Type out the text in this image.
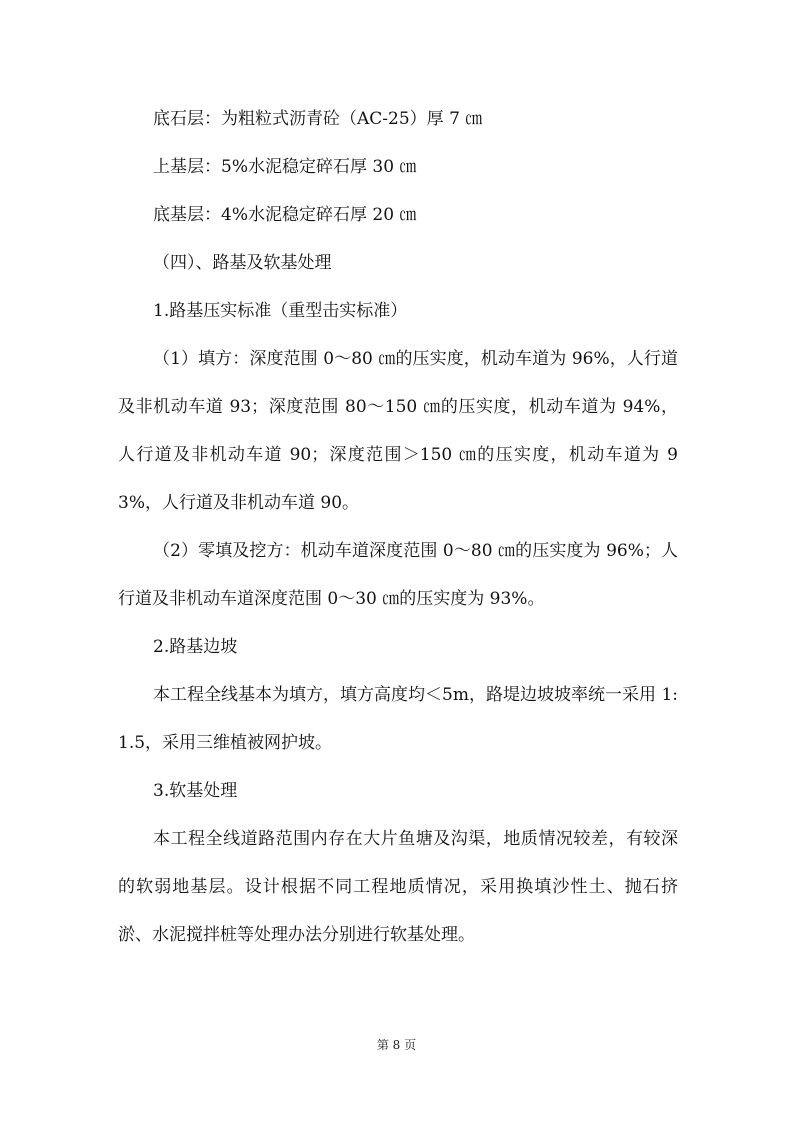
底石层：为粗粒式沥青砼（AC-25）厚 7 ㎝

上基层：5%水泥稳定碎石厚 30 ㎝

底基层：4%水泥稳定碎石厚 20 ㎝

（四）、路基及软基处理

1.路基压实标准（重型击实标准）

（1）填方：深度范围 0～80 ㎝的压实度，机动车道为 96%，人行道及非机动车道 93；深度范围 80～150 ㎝的压实度，机动车道为 94%，人行道及非机动车道 90；深度范围＞150 ㎝的压实度，机动车道为 93%，人行道及非机动车道 90。

（2）零填及挖方：机动车道深度范围 0～80 ㎝的压实度为 96%；人行道及非机动车道深度范围 0～30 ㎝的压实度为 93%。

2.路基边坡

本工程全线基本为填方，填方高度均＜5m，路堤边坡坡率统一采用 1:1.5，采用三维植被网护坡。

3.软基处理

本工程全线道路范围内存在大片鱼塘及沟渠，地质情况较差，有较深的软弱地基层。设计根据不同工程地质情况，采用换填沙性土、抛石挤淤、水泥搅拌桩等处理办法分别进行软基处理。

第 8 页
